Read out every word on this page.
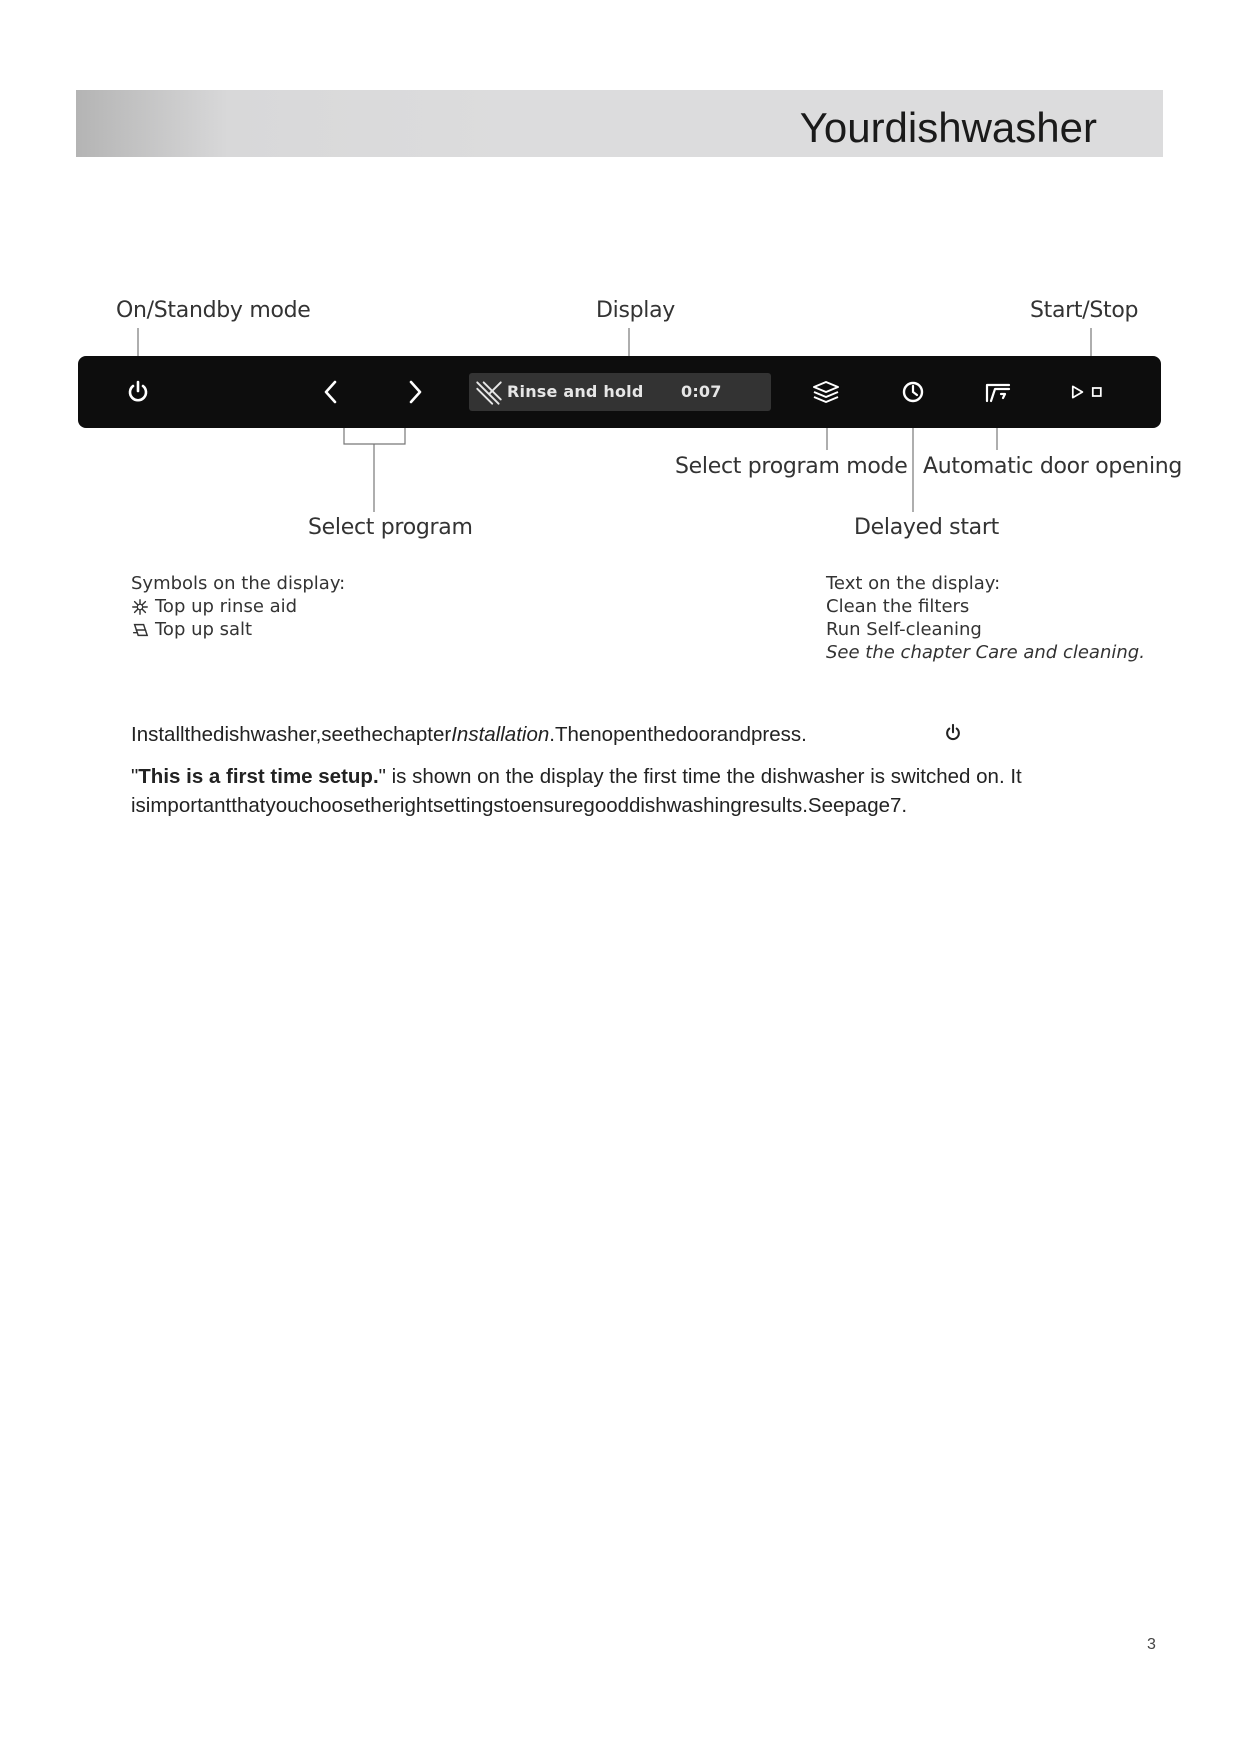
Yourdishwasher
On/Standby mode	Display	Start/Stop
Select program mode Automatic door opening
Select program	Delayed start
Rinse and hold 0:07
Symbols on the display:
Top up rinse aid
Top up salt
Text on the display:
Clean the filters
Run Self-cleaning
See the chapter Care and cleaning.
Installthedishwasher,seethechapterInstallation.Thenopenthedoorandpress.
"This is a first time setup." is shown on the display the first time the dishwasher is switched on. It
isimportantthatyouchoosetherightsettingstoensuregooddishwashingresults.Seepage7.
3
